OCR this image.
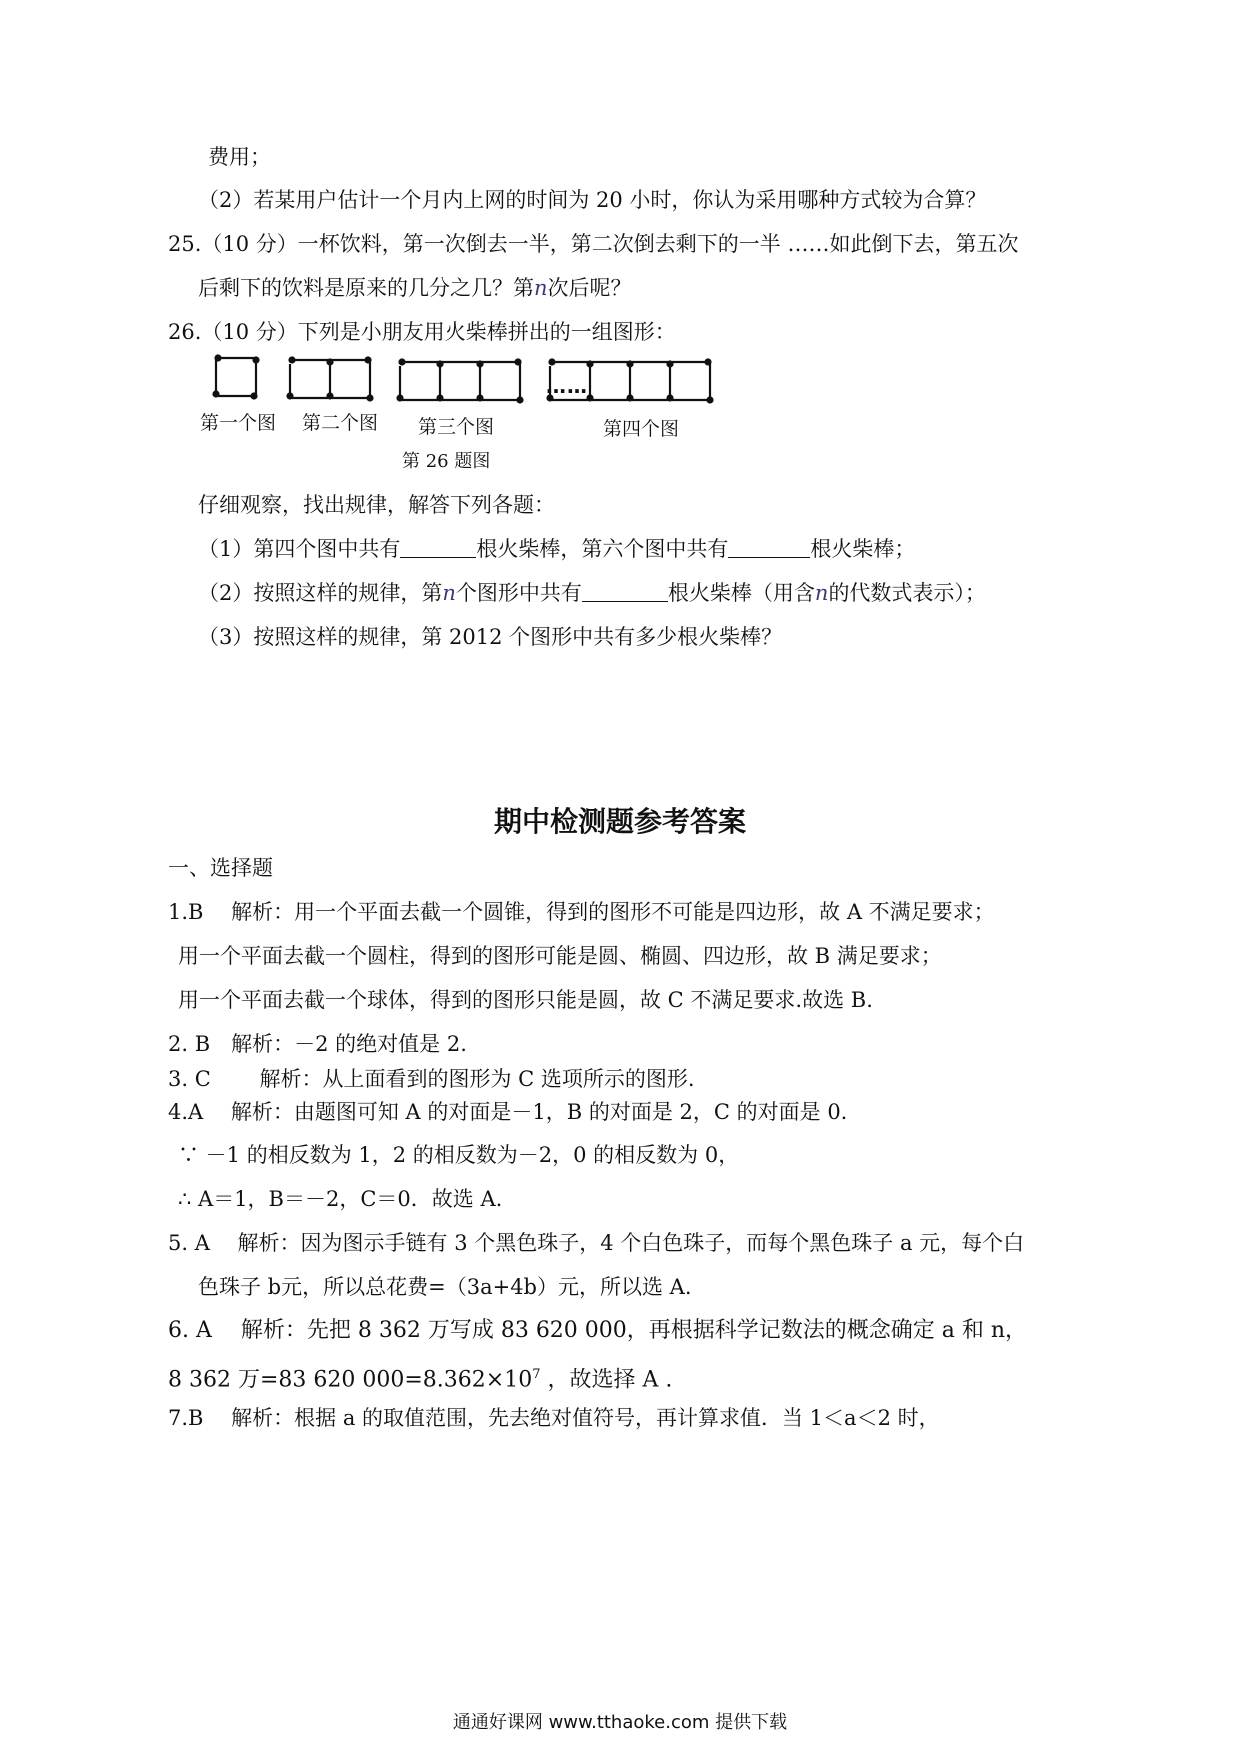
费用；
（2）若某用户估计一个月内上网的时间为 20 小时，你认为采用哪种方式较为合算？
25.（10 分）一杯饮料，第一次倒去一半，第二次倒去剩下的一半 ……如此倒下去，第五次
后剩下的饮料是原来的几分之几？第n次后呢？
26.（10 分）下列是小朋友用火柴棒拼出的一组图形：
……
第一个图 第二个图 第三个图	第四个图
第 26 题图
仔细观察，找出规律，解答下列各题：
（1）第四个图中共有	根火柴棒，第六个图中共有	根火柴棒；
（2）按照这样的规律，第n个图形中共有	根火柴棒（用含n的代数式表示）；
（3）按照这样的规律，第 2012 个图形中共有多少根火柴棒？
期中检测题参考答案
一、选择题
1.B　 解析：用一个平面去截一个圆锥，得到的图形不可能是四边形，故 A 不满足要求；
用一个平面去截一个圆柱，得到的图形可能是圆、椭圆、四边形，故 B 满足要求；
用一个平面去截一个球体，得到的图形只能是圆，故 C 不满足要求.故选 B.
2. B　解析：－2 的绝对值是 2.
3. C　　 解析：从上面看到的图形为 C 选项所示的图形.
4.A　 解析：由题图可知 A 的对面是－1，B 的对面是 2，C 的对面是 0.
∵ －1 的相反数为 1，2 的相反数为－2，0 的相反数为 0，
∴ A＝1，B＝－2，C＝0．故选 A.
5. A　 解析：因为图示手链有 3 个黑色珠子，4 个白色珠子，而每个黑色珠子 a 元，每个白
色珠子 b元，所以总花费=（3a+4b）元，所以选 A.
6. A　 解析：先把 8 362 万写成 83 620 000，再根据科学记数法的概念确定 a 和 n，
8 362 万=83 620 $000=8.362\times 10^7$ ，故选择 A .
7.B　 解析：根据 a 的取值范围，先去绝对值符号，再计算求值．当 1＜a＜2 时，
通通好课网 www.tthaoke.com 提供下载
